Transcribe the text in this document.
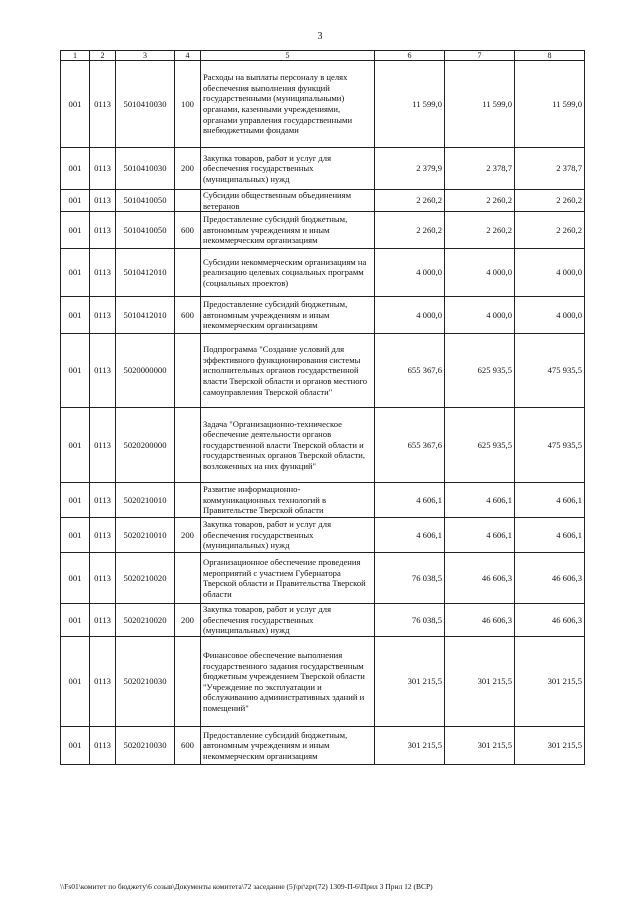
3
1	2	3	4	5	6	7	8
001	0113	5010410030	100	Расходы на выплаты персоналу в целях обеспечения выполнения функций государственными (муниципальными) органами, казенными учреждениями, органами управления государственными внебюджетными фондами	11 599,0	11 599,0	11 599,0
001	0113	5010410030	200	Закупка товаров, работ и услуг для обеспечения государственных (муниципальных) нужд	2 379,9	2 378,7	2 378,7
001	0113	5010410050		Субсидии общественным объединениям ветеранов	2 260,2	2 260,2	2 260,2
001	0113	5010410050	600	Предоставление субсидий бюджетным, автономным учреждениям и иным некоммерческим организациям	2 260,2	2 260,2	2 260,2
001	0113	5010412010		Субсидии некоммерческим организациям на реализацию целевых социальных программ (социальных проектов)	4 000,0	4 000,0	4 000,0
001	0113	5010412010	600	Предоставление субсидий бюджетным, автономным учреждениям и иным некоммерческим организациям	4 000,0	4 000,0	4 000,0
001	0113	5020000000		Подпрограмма "Создание условий для эффективного функционирования системы исполнительных органов государственной власти Тверской области и органов местного самоуправления Тверской области"	655 367,6	625 935,5	475 935,5
001	0113	5020200000		Задача "Организационно-техническое обеспечение деятельности органов государственной власти Тверской области и государственных органов Тверской области, возложенных на них функций"	655 367,6	625 935,5	475 935,5
001	0113	5020210010		Развитие информационно-коммуникационных технологий в Правительстве Тверской области	4 606,1	4 606,1	4 606,1
001	0113	5020210010	200	Закупка товаров, работ и услуг для обеспечения государственных (муниципальных) нужд	4 606,1	4 606,1	4 606,1
001	0113	5020210020		Организационное обеспечение проведения мероприятий с участием Губернатора Тверской области и Правительства Тверской области	76 038,5	46 606,3	46 606,3
001	0113	5020210020	200	Закупка товаров, работ и услуг для обеспечения государственных (муниципальных) нужд	76 038,5	46 606,3	46 606,3
001	0113	5020210030		Финансовое обеспечение выполнения государственного задания государственным бюджетным учреждением Тверской области "Учреждение по эксплуатации и обслуживанию административных зданий и помещений"	301 215,5	301 215,5	301 215,5
001	0113	5020210030	600	Предоставление субсидий бюджетным, автономным учреждениям и иным некоммерческим организациям	301 215,5	301 215,5	301 215,5
\\Fs01\комитет по бюджету\6 созыв\Документы комитета\72 заседание (5)\pr\zpr(72) 1309-П-6\Прил 3 Прил 12 (ВСР)
